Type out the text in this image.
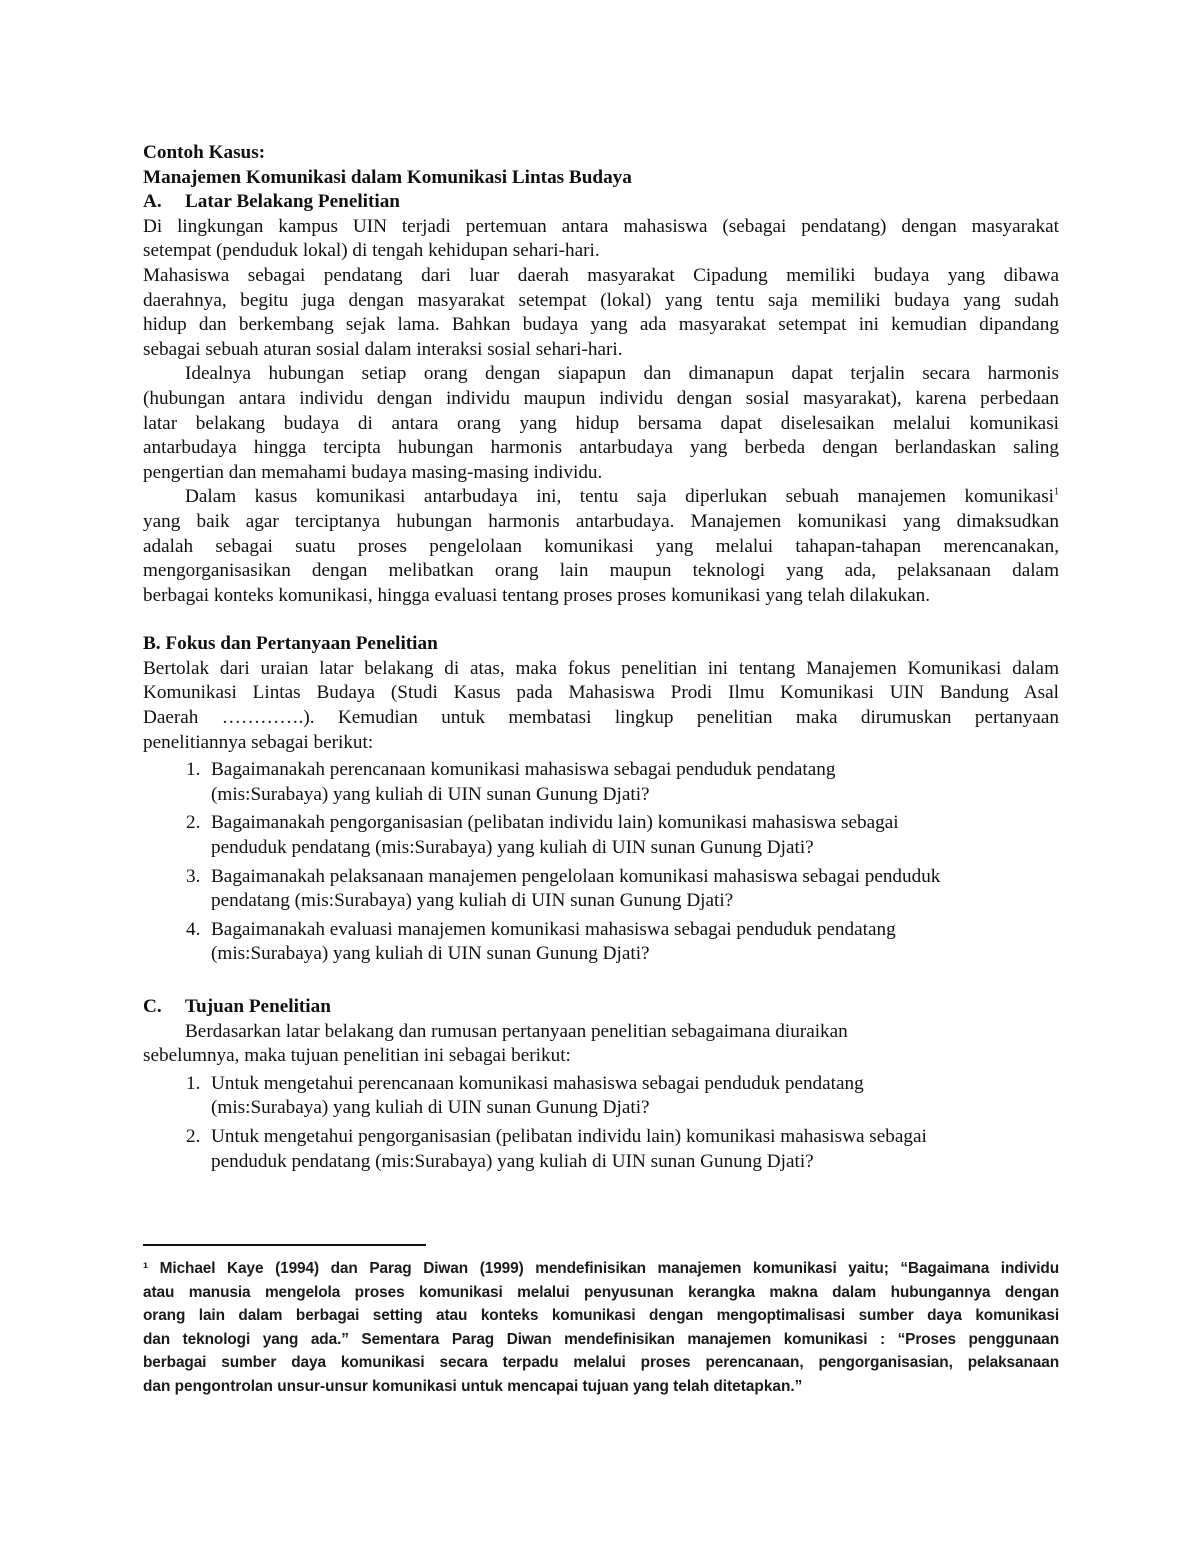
Contoh Kasus:
Manajemen Komunikasi dalam Komunikasi Lintas Budaya
A.	Latar Belakang Penelitian
Di lingkungan kampus UIN terjadi pertemuan antara mahasiswa (sebagai pendatang) dengan masyarakat
setempat (penduduk lokal) di tengah kehidupan sehari-hari.
Mahasiswa sebagai pendatang dari luar daerah masyarakat Cipadung memiliki budaya yang dibawa
daerahnya, begitu juga dengan masyarakat setempat (lokal) yang tentu saja memiliki budaya yang sudah
hidup dan berkembang sejak lama. Bahkan budaya yang ada masyarakat setempat ini kemudian dipandang
sebagai sebuah aturan sosial dalam interaksi sosial sehari-hari.
Idealnya hubungan setiap orang dengan siapapun dan dimanapun dapat terjalin secara harmonis
(hubungan antara individu dengan individu maupun individu dengan sosial masyarakat), karena perbedaan
latar belakang budaya di antara orang yang hidup bersama dapat diselesaikan melalui komunikasi
antarbudaya hingga tercipta hubungan harmonis antarbudaya yang berbeda dengan berlandaskan saling
pengertian dan memahami budaya masing-masing individu.
Dalam kasus komunikasi antarbudaya ini, tentu saja diperlukan sebuah manajemen komunikasi$^1$
yang baik agar terciptanya hubungan harmonis antarbudaya. Manajemen komunikasi yang dimaksudkan
adalah sebagai suatu proses pengelolaan komunikasi yang melalui tahapan-tahapan merencanakan,
mengorganisasikan dengan melibatkan orang lain maupun teknologi yang ada, pelaksanaan dalam
berbagai konteks komunikasi, hingga evaluasi tentang proses proses komunikasi yang telah dilakukan.
B. Fokus dan Pertanyaan Penelitian
Bertolak dari uraian latar belakang di atas, maka fokus penelitian ini tentang Manajemen Komunikasi dalam
Komunikasi Lintas Budaya (Studi Kasus pada Mahasiswa Prodi Ilmu Komunikasi UIN Bandung Asal
Daerah ………….). Kemudian untuk membatasi lingkup penelitian maka dirumuskan pertanyaan
penelitiannya sebagai berikut:
1. Bagaimanakah perencanaan komunikasi mahasiswa sebagai penduduk pendatang
(mis:Surabaya) yang kuliah di UIN sunan Gunung Djati?
2. Bagaimanakah pengorganisasian (pelibatan individu lain) komunikasi mahasiswa sebagai
penduduk pendatang (mis:Surabaya) yang kuliah di UIN sunan Gunung Djati?
3. Bagaimanakah pelaksanaan manajemen pengelolaan komunikasi mahasiswa sebagai penduduk
pendatang (mis:Surabaya) yang kuliah di UIN sunan Gunung Djati?
4. Bagaimanakah evaluasi manajemen komunikasi mahasiswa sebagai penduduk pendatang
(mis:Surabaya) yang kuliah di UIN sunan Gunung Djati?
C.	Tujuan Penelitian
Berdasarkan latar belakang dan rumusan pertanyaan penelitian sebagaimana diuraikan
sebelumnya, maka tujuan penelitian ini sebagai berikut:
1. Untuk mengetahui perencanaan komunikasi mahasiswa sebagai penduduk pendatang
(mis:Surabaya) yang kuliah di UIN sunan Gunung Djati?
2. Untuk mengetahui pengorganisasian (pelibatan individu lain) komunikasi mahasiswa sebagai
penduduk pendatang (mis:Surabaya) yang kuliah di UIN sunan Gunung Djati?
¹ Michael Kaye (1994) dan Parag Diwan (1999) mendefinisikan manajemen komunikasi yaitu; “Bagaimana individu
atau manusia mengelola proses komunikasi melalui penyusunan kerangka makna dalam hubungannya dengan
orang lain dalam berbagai setting atau konteks komunikasi dengan mengoptimalisasi sumber daya komunikasi
dan teknologi yang ada.” Sementara Parag Diwan mendefinisikan manajemen komunikasi : “Proses penggunaan
berbagai sumber daya komunikasi secara terpadu melalui proses perencanaan, pengorganisasian, pelaksanaan
dan pengontrolan unsur-unsur komunikasi untuk mencapai tujuan yang telah ditetapkan.”
